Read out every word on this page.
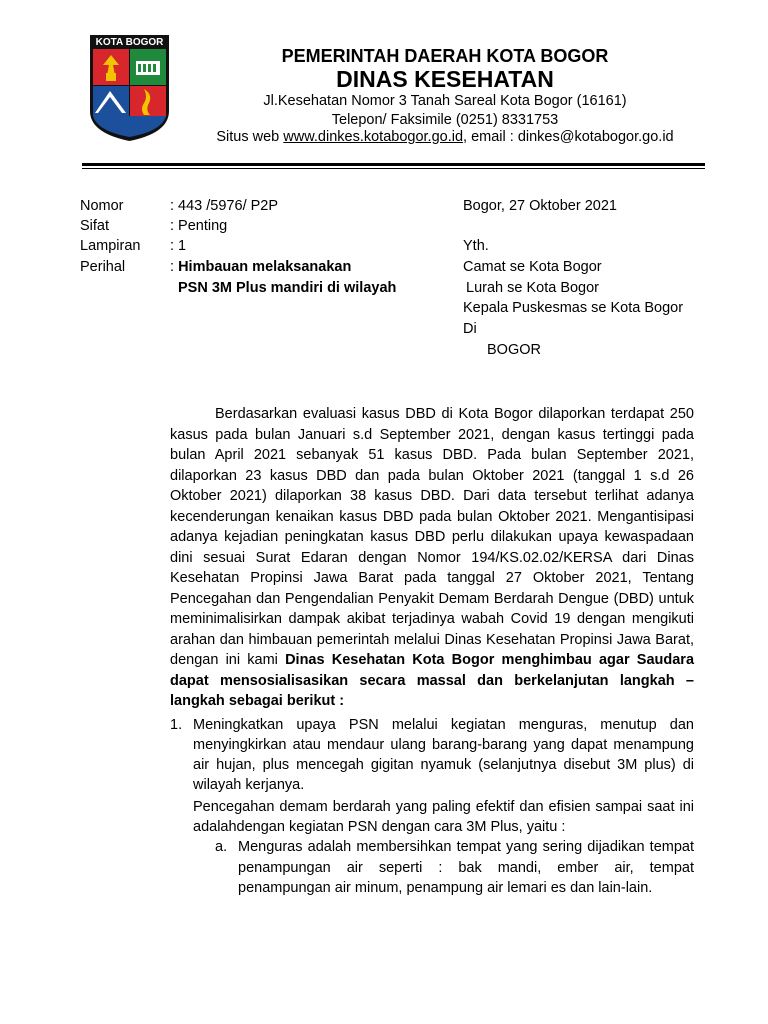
KOTA BOGOR
PEMERINTAH DAERAH KOTA BOGOR
DINAS KESEHATAN
Jl.Kesehatan Nomor 3 Tanah Sareal Kota Bogor (16161)
Telepon/ Faksimile (0251) 8331753
Situs web www.dinkes.kotabogor.go.id, email : dinkes@kotabogor.go.id
Nomor	: 443 /5976/ P2P
Sifat	: Penting
Lampiran : 1
Perihal	: Himbauan melaksanakan
PSN 3M Plus mandiri di wilayah
Bogor, 27 Oktober 2021
Yth.
Camat se Kota Bogor
Lurah se Kota Bogor
Kepala Puskesmas se Kota Bogor
Di
BOGOR

Berdasarkan evaluasi kasus DBD di Kota Bogor dilaporkan terdapat 250 kasus pada bulan Januari s.d September 2021, dengan kasus tertinggi pada bulan April 2021 sebanyak 51 kasus DBD. Pada bulan September 2021, dilaporkan 23 kasus DBD dan pada bulan Oktober 2021 (tanggal 1 s.d 26 Oktober 2021) dilaporkan 38 kasus DBD. Dari data tersebut terlihat adanya kecenderungan kenaikan kasus DBD pada bulan Oktober 2021. Mengantisipasi adanya kejadian peningkatan kasus DBD perlu dilakukan upaya kewaspadaan dini sesuai Surat Edaran dengan Nomor 194/KS.02.02/KERSA dari Dinas Kesehatan Propinsi Jawa Barat pada tanggal 27 Oktober 2021, Tentang Pencegahan dan Pengendalian Penyakit Demam Berdarah Dengue (DBD) untuk meminimalisirkan dampak akibat terjadinya wabah Covid 19 dengan mengikuti arahan dan himbauan pemerintah melalui Dinas Kesehatan Propinsi Jawa Barat, dengan ini kami Dinas Kesehatan Kota Bogor menghimbau agar Saudara dapat mensosialisasikan secara massal dan berkelanjutan langkah – langkah sebagai berikut :

1. Meningkatkan upaya PSN melalui kegiatan menguras, menutup dan menyingkirkan atau mendaur ulang barang-barang yang dapat menampung air hujan, plus mencegah gigitan nyamuk (selanjutnya disebut 3M plus) di wilayah kerjanya.

Pencegahan demam berdarah yang paling efektif dan efisien sampai saat ini adalahdengan kegiatan PSN dengan cara 3M Plus, yaitu :

a. Menguras adalah membersihkan tempat yang sering dijadikan tempat penampungan air seperti : bak mandi, ember air, tempat penampungan air minum, penampung air lemari es dan lain-lain.
